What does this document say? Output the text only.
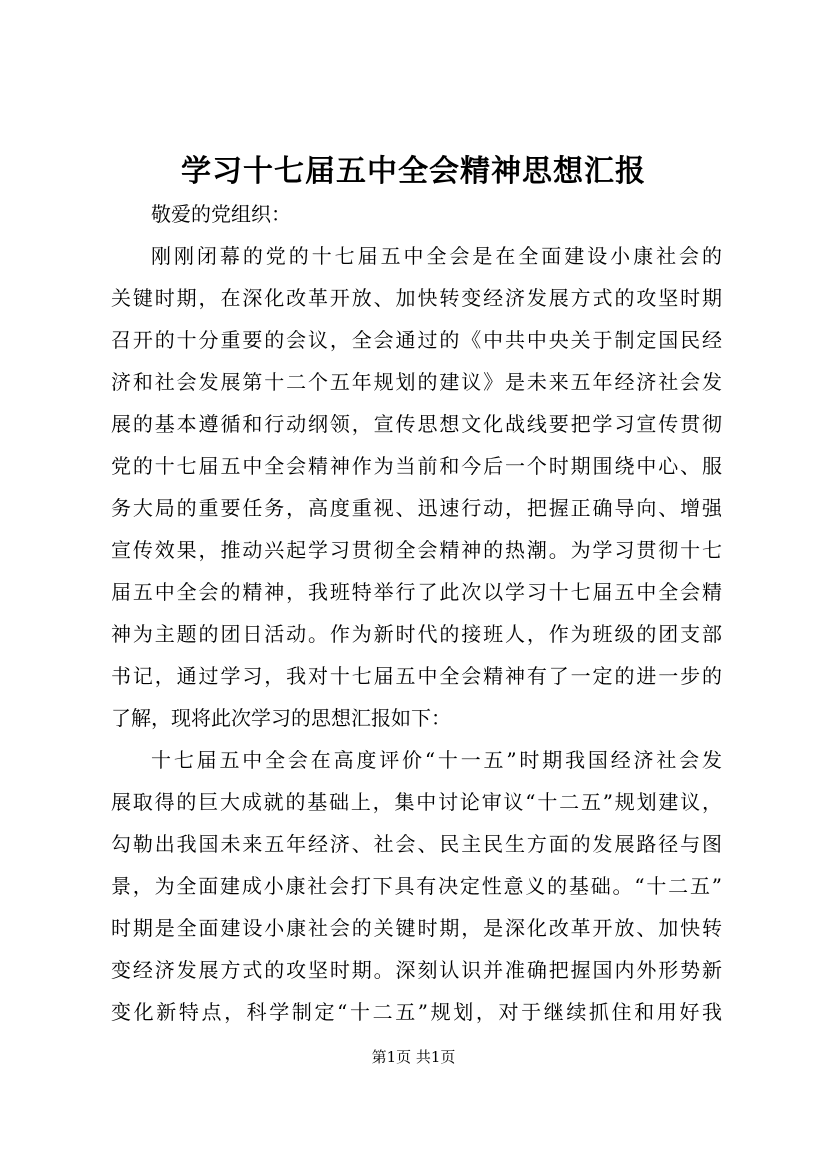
学习十七届五中全会精神思想汇报
敬爱的党组织：
刚刚闭幕的党的十七届五中全会是在全面建设小康社会的
关键时期，在深化改革开放、加快转变经济发展方式的攻坚时期
召开的十分重要的会议，全会通过的《中共中央关于制定国民经
济和社会发展第十二个五年规划的建议》是未来五年经济社会发
展的基本遵循和行动纲领，宣传思想文化战线要把学习宣传贯彻
党的十七届五中全会精神作为当前和今后一个时期围绕中心、服
务大局的重要任务，高度重视、迅速行动，把握正确导向、增强
宣传效果，推动兴起学习贯彻全会精神的热潮。为学习贯彻十七
届五中全会的精神，我班特举行了此次以学习十七届五中全会精
神为主题的团日活动。作为新时代的接班人，作为班级的团支部
书记，通过学习，我对十七届五中全会精神有了一定的进一步的
了解，现将此次学习的思想汇报如下：
十七届五中全会在高度评价“十一五”时期我国经济社会发
展取得的巨大成就的基础上，集中讨论审议“十二五”规划建议，
勾勒出我国未来五年经济、社会、民主民生方面的发展路径与图
景，为全面建成小康社会打下具有决定性意义的基础。“十二五”
时期是全面建设小康社会的关键时期，是深化改革开放、加快转
变经济发展方式的攻坚时期。深刻认识并准确把握国内外形势新
变化新特点，科学制定“十二五”规划，对于继续抓住和用好我
第1页 共1页
